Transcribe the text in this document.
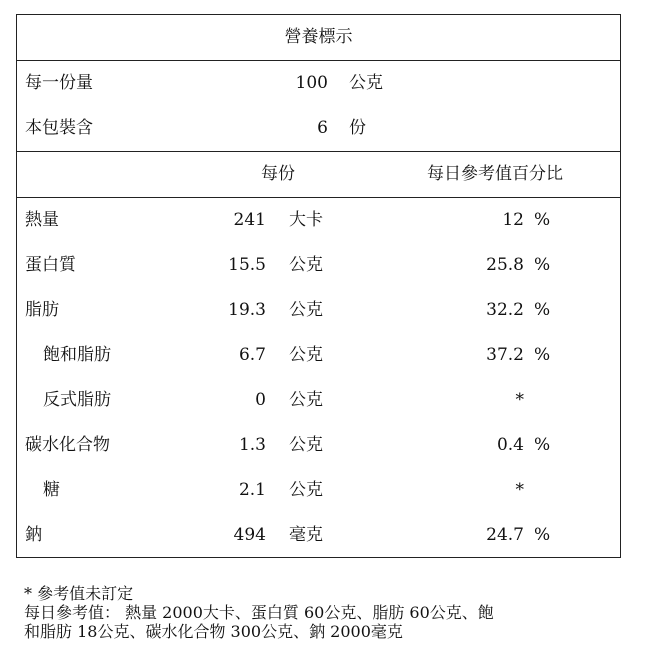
營養標示
每一份量	100 公克
本包裝含	6 份
每份	每日參考值百分比
熱量	241 大卡	12 %
蛋白質	15.5 公克	25.8 %
脂肪	19.3 公克	32.2 %
飽和脂肪	6.7 公克	37.2 %
反式脂肪	0 公克	*
碳水化合物	1.3 公克	0.4 %
糖	2.1 公克	*
鈉	494 毫克	24.7 %
* 參考值未訂定
每日參考值： 熱量 2000大卡、蛋白質 60公克、脂肪 60公克、飽
和脂肪 18公克、碳水化合物 300公克、鈉 2000毫克
